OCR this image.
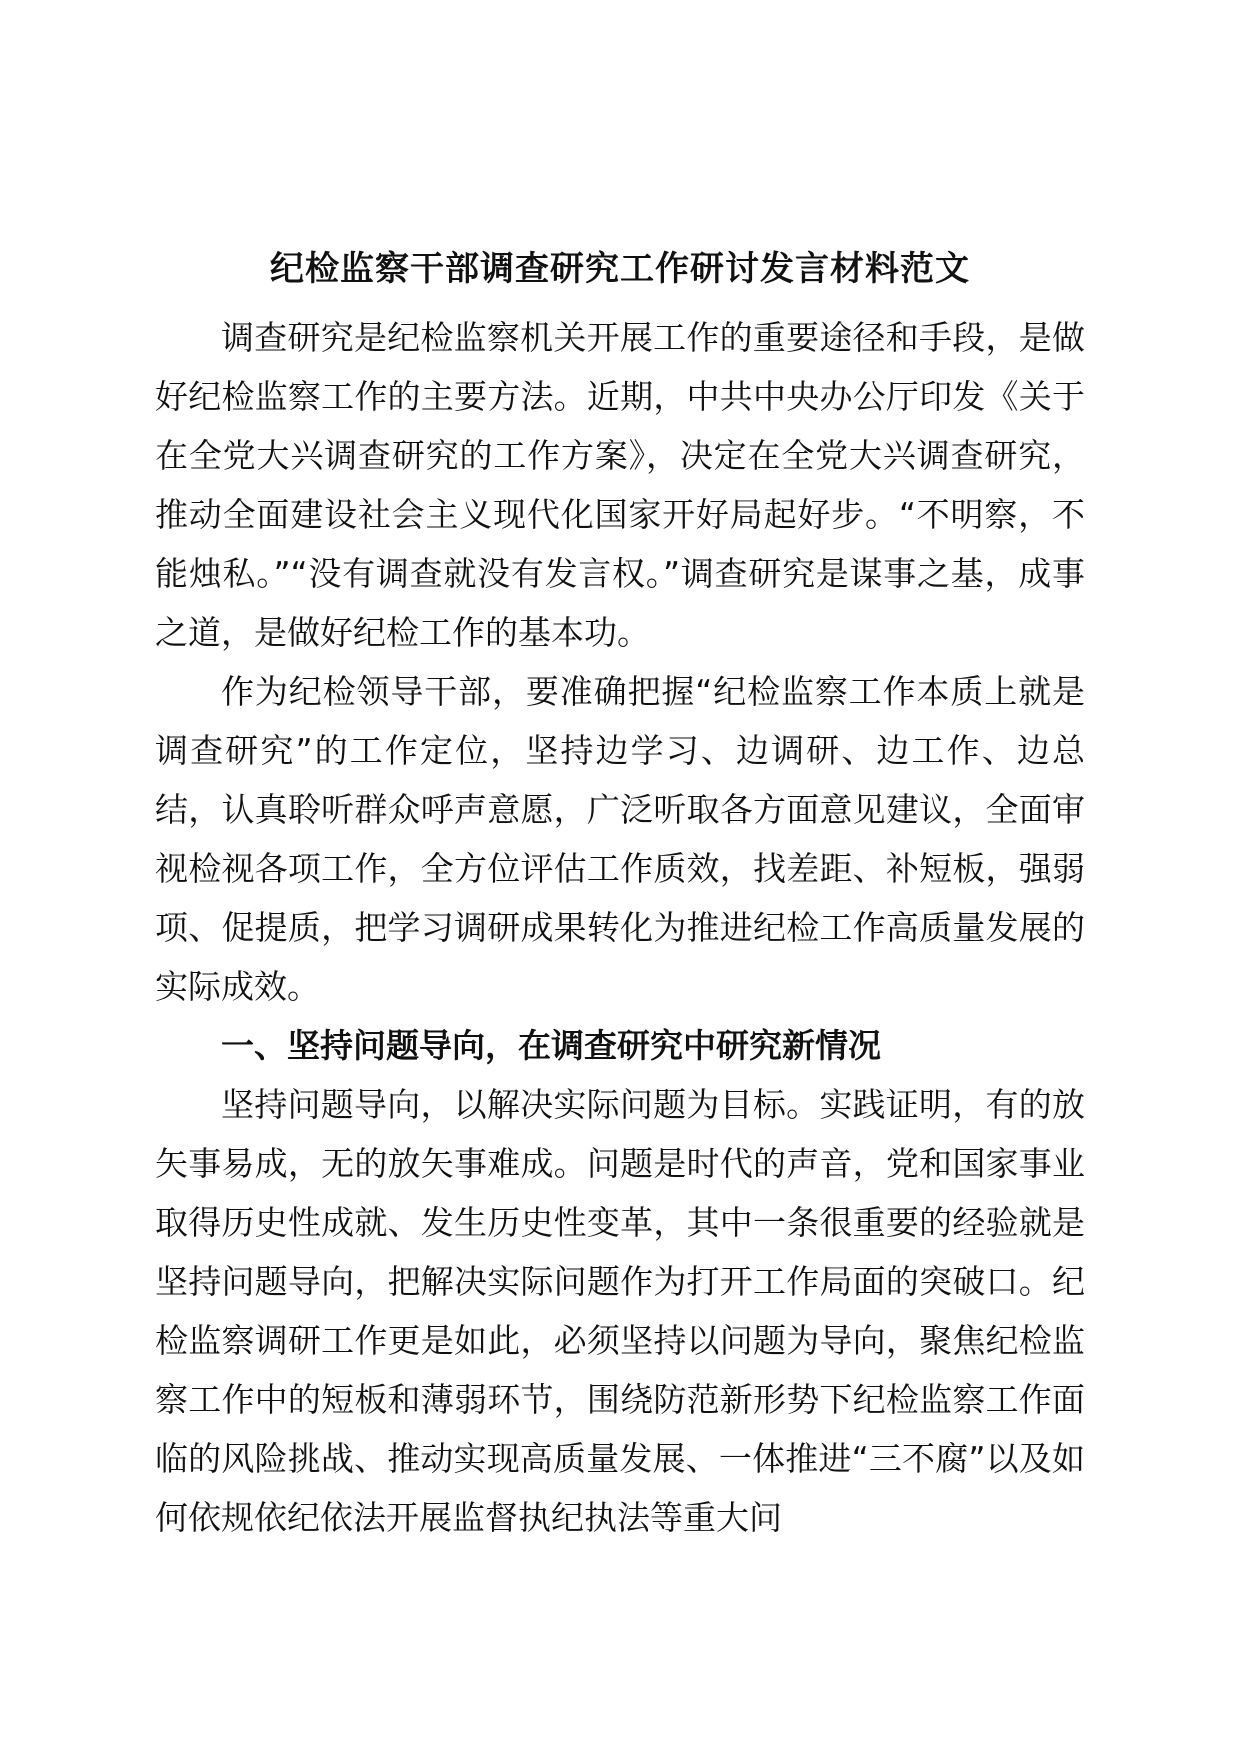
纪检监察干部调查研究工作研讨发言材料范文

调查研究是纪检监察机关开展工作的重要途径和手段，是做好纪检监察工作的主要方法。近期，中共中央办公厅印发《关于在全党大兴调查研究的工作方案》，决定在全党大兴调查研究，推动全面建设社会主义现代化国家开好局起好步。“不明察，不能烛私。”“没有调查就没有发言权。”调查研究是谋事之基，成事之道，是做好纪检工作的基本功。

作为纪检领导干部，要准确把握“纪检监察工作本质上就是调查研究”的工作定位，坚持边学习、边调研、边工作、边总结，认真聆听群众呼声意愿，广泛听取各方面意见建议，全面审视检视各项工作，全方位评估工作质效，找差距、补短板，强弱项、促提质，把学习调研成果转化为推进纪检工作高质量发展的实际成效。

一、坚持问题导向，在调查研究中研究新情况

坚持问题导向，以解决实际问题为目标。实践证明，有的放矢事易成，无的放矢事难成。问题是时代的声音，党和国家事业取得历史性成就、发生历史性变革，其中一条很重要的经验就是坚持问题导向，把解决实际问题作为打开工作局面的突破口。纪检监察调研工作更是如此，必须坚持以问题为导向，聚焦纪检监察工作中的短板和薄弱环节，围绕防范新形势下纪检监察工作面临的风险挑战、推动实现高质量发展、一体推进“三不腐”以及如何依规依纪依法开展监督执纪执法等重大问
